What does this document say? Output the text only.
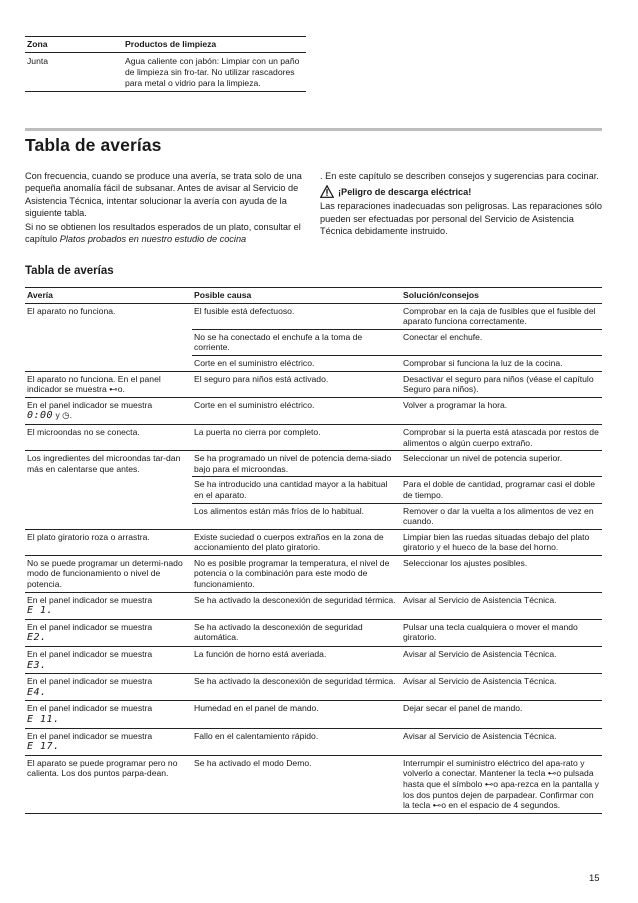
Zona	Productos de limpieza
Junta	Agua caliente con jabón: Limpiar con un paño de limpieza sin fro-tar. No utilizar rascadores para metal o vidrio para la limpieza.
Tabla de averías

Con frecuencia, cuando se produce una avería, se trata solo de una pequeña anomalía fácil de subsanar. Antes de avisar al Servicio de Asistencia Técnica, intentar solucionar la avería con ayuda de la siguiente tabla.

Si no se obtienen los resultados esperados de un plato, consultar el capítulo Platos probados en nuestro estudio de cocina

. En este capítulo se describen consejos y sugerencias para cocinar.

¡Peligro de descarga eléctrica!

Las reparaciones inadecuadas son peligrosas. Las reparaciones sólo pueden ser efectuadas por personal del Servicio de Asistencia Técnica debidamente instruido.

Tabla de averías
Avería	Posible causa	Solución/consejos
El aparato no funciona.	El fusible está defectuoso.	Comprobar en la caja de fusibles que el fusible del aparato funciona correctamente.
	No se ha conectado el enchufe a la toma de corriente.	Conectar el enchufe.
	Corte en el suministro eléctrico.	Comprobar si funciona la luz de la cocina.
El aparato no funciona. En el panel indicador se muestra ⊷o.	El seguro para niños está activado.	Desactivar el seguro para niños (véase el capítulo Seguro para niños).
En el panel indicador se muestra
0:00 y ◷.	Corte en el suministro eléctrico.	Volver a programar la hora.
El microondas no se conecta.	La puerta no cierra por completo.	Comprobar si la puerta está atascada por restos de alimentos o algún cuerpo extraño.
Los ingredientes del microondas tar-dan más en calentarse que antes.	Se ha programado un nivel de potencia dema-siado bajo para el microondas.	Seleccionar un nivel de potencia superior.
	Se ha introducido una cantidad mayor a la habitual en el aparato.	Para el doble de cantidad, programar casi el doble de tiempo.
	Los alimentos están más fríos de lo habitual.	Remover o dar la vuelta a los alimentos de vez en cuando.
El plato giratorio roza o arrastra.	Existe suciedad o cuerpos extraños en la zona de accionamiento del plato giratorio.	Limpiar bien las ruedas situadas debajo del plato giratorio y el hueco de la base del horno.
No se puede programar un determi-nado modo de funcionamiento o nivel de potencia.	No es posible programar la temperatura, el nivel de potencia o la combinación para este modo de funcionamiento.	Seleccionar los ajustes posibles.
En el panel indicador se muestra
E 1.	Se ha activado la desconexión de seguridad térmica.	Avisar al Servicio de Asistencia Técnica.
En el panel indicador se muestra
E2.	Se ha activado la desconexión de seguridad automática.	Pulsar una tecla cualquiera o mover el mando giratorio.
En el panel indicador se muestra
E3.	La función de horno está averiada.	Avisar al Servicio de Asistencia Técnica.
En el panel indicador se muestra
E4.	Se ha activado la desconexión de seguridad térmica.	Avisar al Servicio de Asistencia Técnica.
En el panel indicador se muestra
E 11.	Humedad en el panel de mando.	Dejar secar el panel de mando.
En el panel indicador se muestra
E 17.	Fallo en el calentamiento rápido.	Avisar al Servicio de Asistencia Técnica.
El aparato se puede programar pero no calienta. Los dos puntos parpa-dean.	Se ha activado el modo Demo.	Interrumpir el suministro eléctrico del apa-rato y volverlo a conectar. Mantener la tecla ⊷o pulsada hasta que el símbolo ⊷o apa-rezca en la pantalla y los dos puntos dejen de parpadear. Confirmar con la tecla ⊷o en el espacio de 4 segundos.
15
